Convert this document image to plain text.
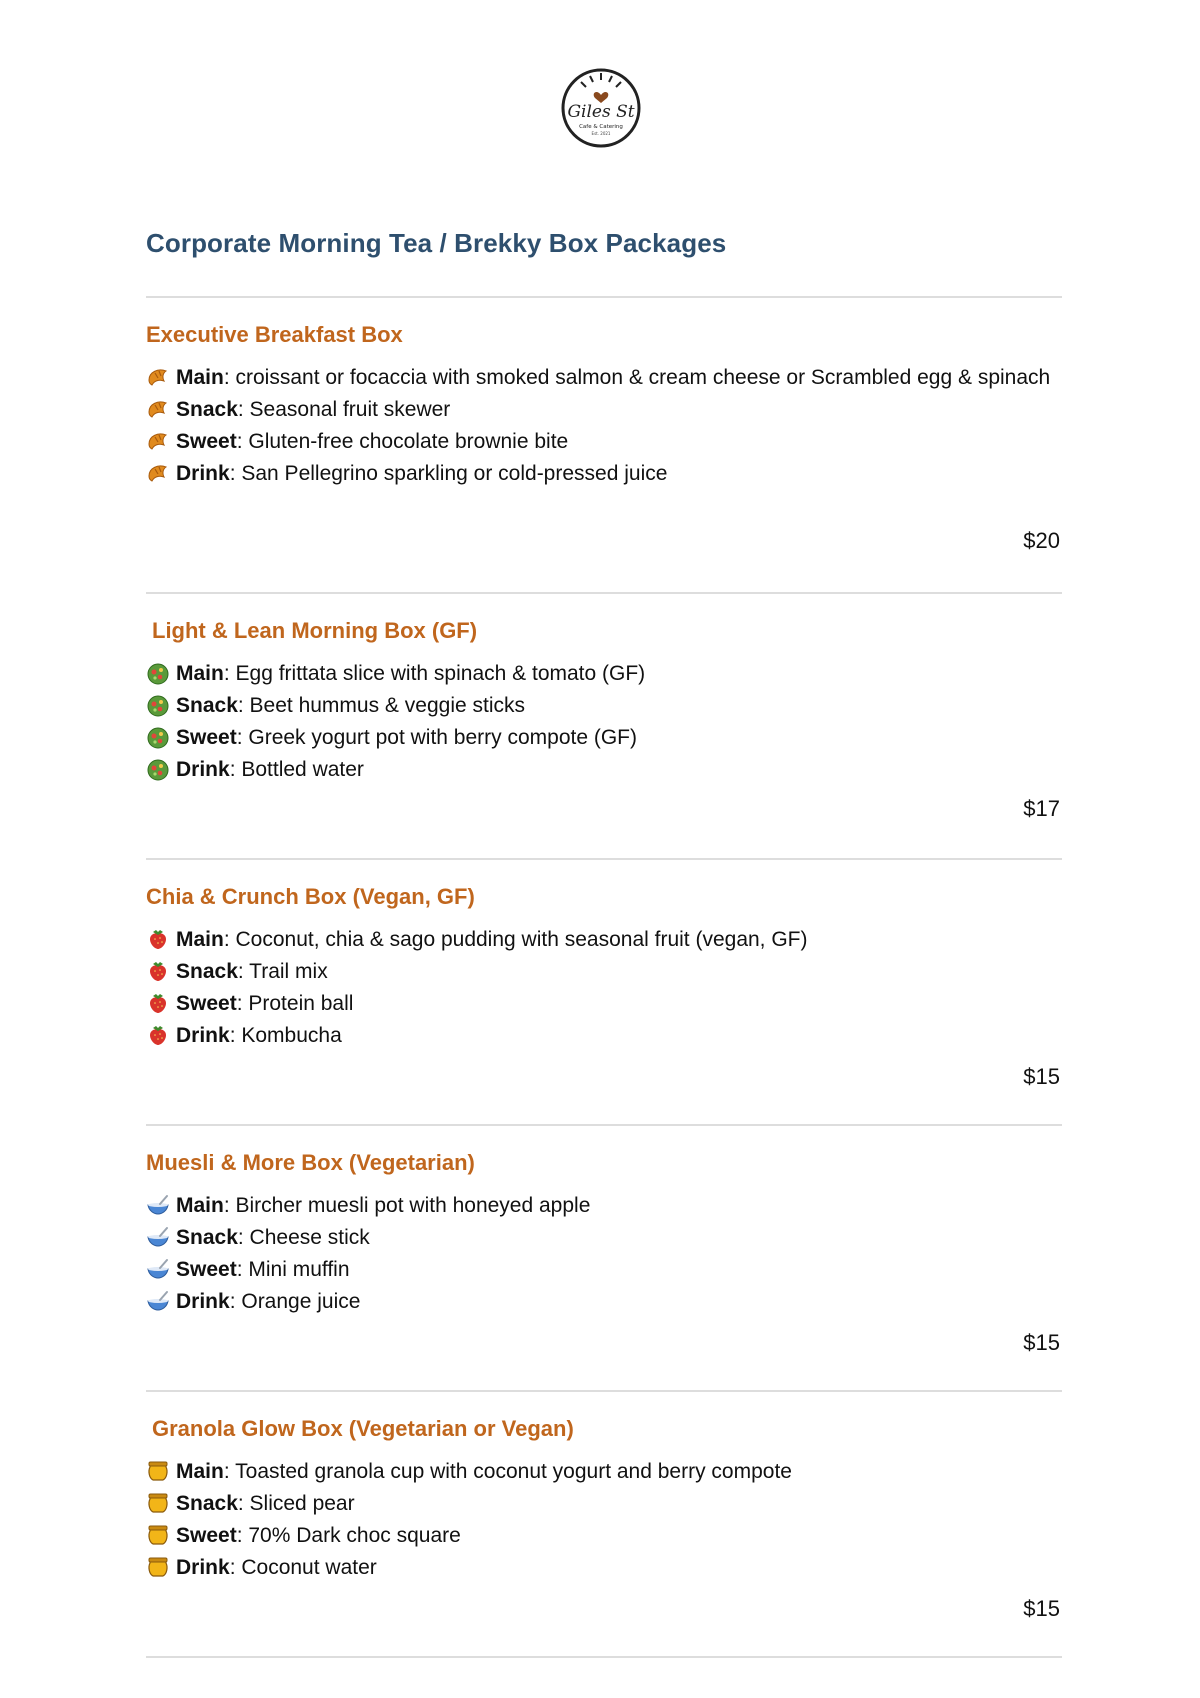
Giles St
Cafe & Catering
Est. 2021
Corporate Morning Tea / Brekky Box Packages
Executive Breakfast Box
Main: croissant or focaccia with smoked salmon & cream cheese or Scrambled egg & spinach
Snack: Seasonal fruit skewer
Sweet: Gluten-free chocolate brownie bite
Drink: San Pellegrino sparkling or cold-pressed juice
$20
Light & Lean Morning Box (GF)
Main: Egg frittata slice with spinach & tomato (GF)
Snack: Beet hummus & veggie sticks
Sweet: Greek yogurt pot with berry compote (GF)
Drink: Bottled water
$17
Chia & Crunch Box (Vegan, GF)
Main: Coconut, chia & sago pudding with seasonal fruit (vegan, GF)
Snack: Trail mix
Sweet: Protein ball
Drink: Kombucha
$15
Muesli & More Box (Vegetarian)
Main: Bircher muesli pot with honeyed apple
Snack: Cheese stick
Sweet: Mini muffin
Drink: Orange juice
$15
Granola Glow Box (Vegetarian or Vegan)
Main: Toasted granola cup with coconut yogurt and berry compote
Snack: Sliced pear
Sweet: 70% Dark choc square
Drink: Coconut water
$15
